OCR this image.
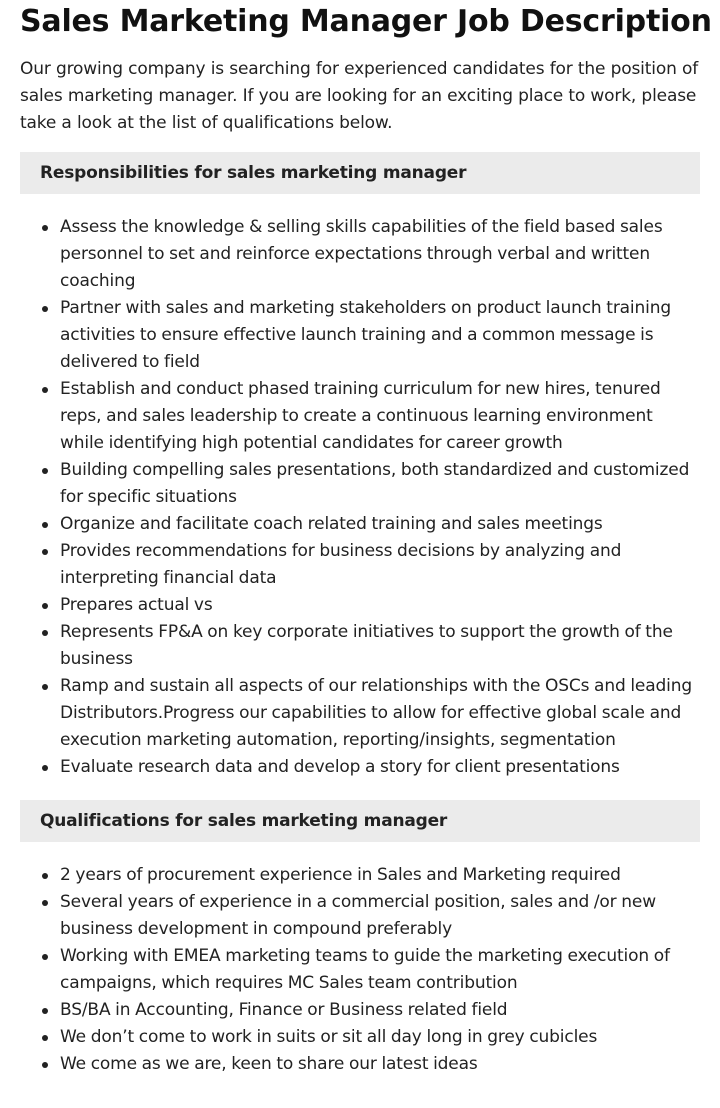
Sales Marketing Manager Job Description

Our growing company is searching for experienced candidates for the position of sales marketing manager. If you are looking for an exciting place to work, please take a look at the list of qualifications below.

Responsibilities for sales marketing manager
Assess the knowledge & selling skills capabilities of the field based sales personnel to set and reinforce expectations through verbal and written coaching
Partner with sales and marketing stakeholders on product launch training activities to ensure effective launch training and a common message is delivered to field
Establish and conduct phased training curriculum for new hires, tenured reps, and sales leadership to create a continuous learning environment while identifying high potential candidates for career growth
Building compelling sales presentations, both standardized and customized for specific situations
Organize and facilitate coach related training and sales meetings
Provides recommendations for business decisions by analyzing and interpreting financial data
Prepares actual vs
Represents FP&A on key corporate initiatives to support the growth of the business
Ramp and sustain all aspects of our relationships with the OSCs and leading Distributors.Progress our capabilities to allow for effective global scale and execution marketing automation, reporting/insights, segmentation
Evaluate research data and develop a story for client presentations
Qualifications for sales marketing manager
2 years of procurement experience in Sales and Marketing required
Several years of experience in a commercial position, sales and /or new business development in compound preferably
Working with EMEA marketing teams to guide the marketing execution of campaigns, which requires MC Sales team contribution
BS/BA in Accounting, Finance or Business related field
We don’t come to work in suits or sit all day long in grey cubicles
We come as we are, keen to share our latest ideas
